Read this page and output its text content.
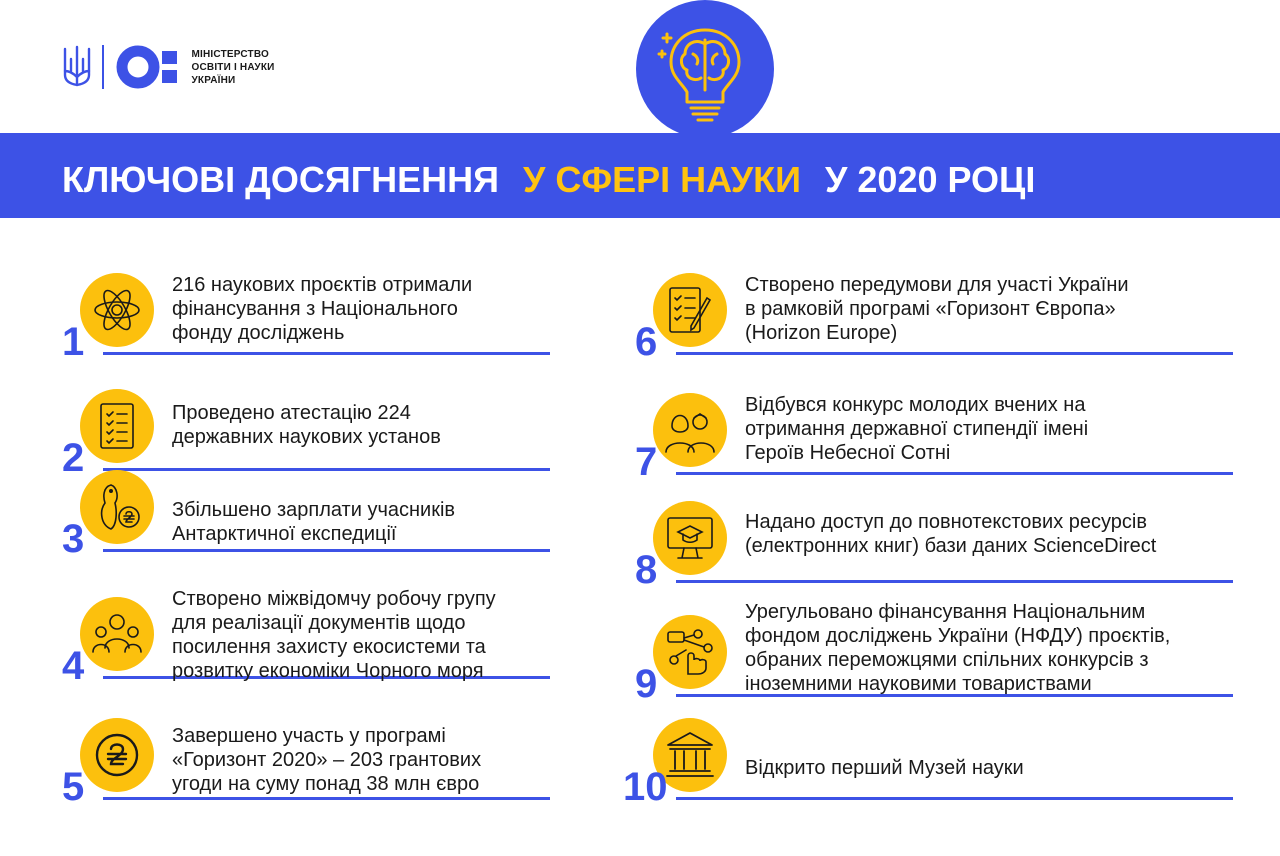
МІНІСТЕРСТВО
ОСВІТИ І НАУКИ
УКРАЇНИ
КЛЮЧОВІ ДОСЯГНЕННЯ У СФЕРІ НАУКИ У 2020 РОЦІ
1
216 наукових проєктів отримали
фінансування з Національного
фонду досліджень
2
Проведено атестацію 224
державних наукових установ
3
Збільшено зарплати учасників
Антарктичної експедиції
4
Створено міжвідомчу робочу групу
для реалізації документів щодо
посилення захисту екосистеми та
розвитку економіки Чорного моря
5
Завершено участь у програмі
«Горизонт 2020» – 203 грантових
угоди на суму понад 38 млн євро
6
Створено передумови для участі України
в рамковій програмі «Горизонт Європа»
(Horizon Europe)
7
Відбувся конкурс молодих вчених на
отримання державної стипендії імені
Героїв Небесної Сотні
8
Надано доступ до повнотекстових ресурсів
(електронних книг) бази даних ScienceDirect
9
Урегульовано фінансування Національним
фондом досліджень України (НФДУ) проєктів,
обраних переможцями спільних конкурсів з
іноземними науковими товариствами
10	Відкрито перший Музей науки
